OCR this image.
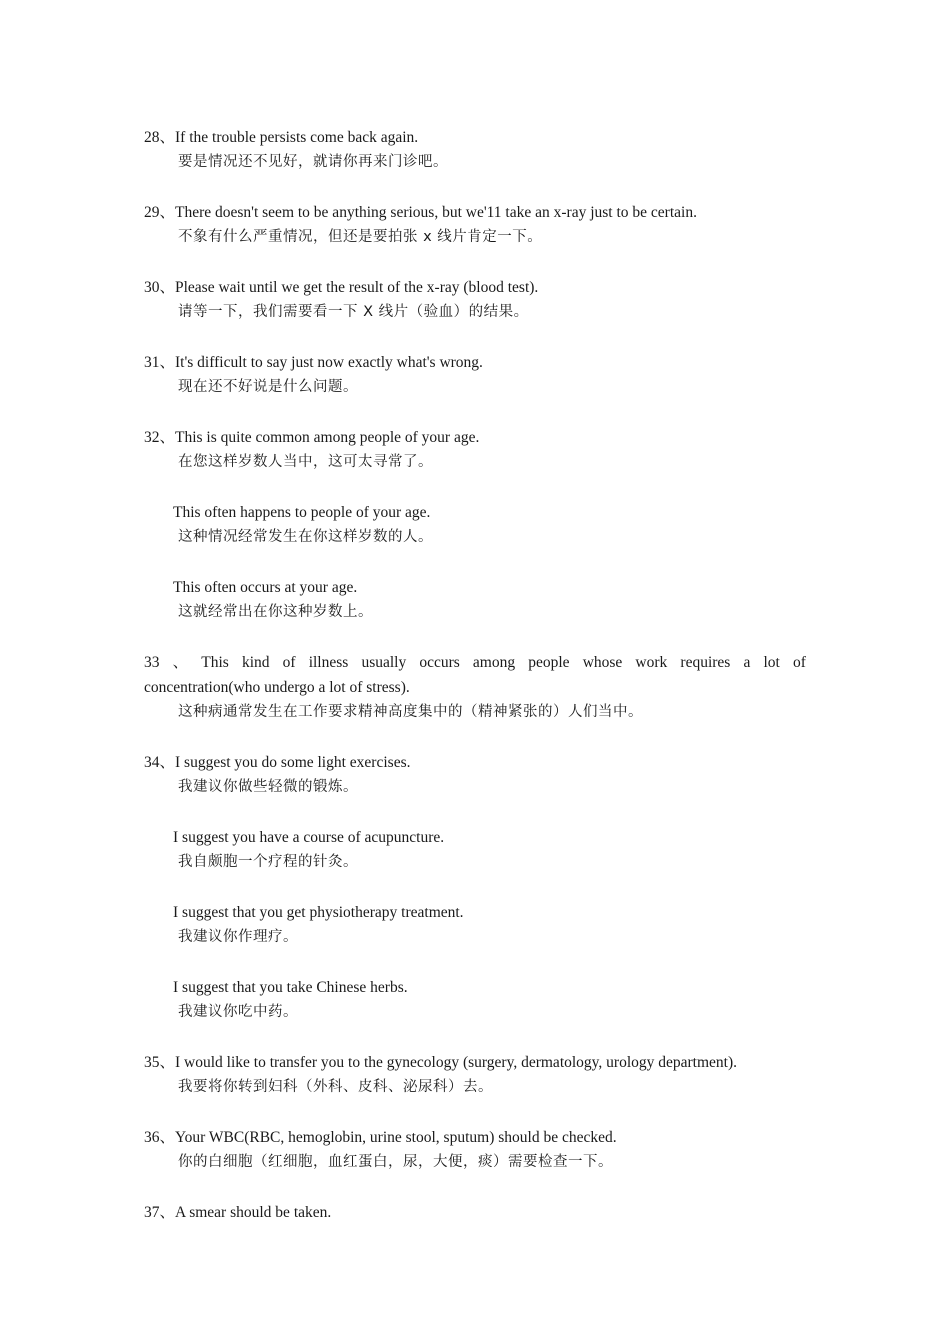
28、If the trouble persists come back again.
要是情况还不见好，就请你再来门诊吧。
29、There doesn't seem to be anything serious, but we'11 take an x-ray just to be certain.
不象有什么严重情况，但还是要拍张 x 线片肯定一下。
30、Please wait until we get the result of the x-ray (blood test).
请等一下，我们需要看一下 X 线片（验血）的结果。
31、It's difficult to say just now exactly what's wrong.
现在还不好说是什么问题。
32、This is quite common among people of your age.
在您这样岁数人当中，这可太寻常了。
This often happens to people of your age.
这种情况经常发生在你这样岁数的人。
This often occurs at your age.
这就经常出在你这种岁数上。
33 、 This kind of illness usually occurs among people whose work requires a lot of
concentration(who undergo a lot of stress).
这种病通常发生在工作要求精神高度集中的（精神紧张的）人们当中。
34、I suggest you do some light exercises.
我建议你做些轻微的锻炼。
I suggest you have a course of acupuncture.
我自颇胞一个疗程的针灸。
I suggest that you get physiotherapy treatment.
我建议你作理疗。
I suggest that you take Chinese herbs.
我建议你吃中药。
35、I would like to transfer you to the gynecology (surgery, dermatology, urology department).
我要将你转到妇科（外科、皮科、泌尿科）去。
36、Your WBC(RBC, hemoglobin, urine stool, sputum) should be checked.
你的白细胞（红细胞，血红蛋白，尿，大便，痰）需要检查一下。
37、A smear should be taken.
